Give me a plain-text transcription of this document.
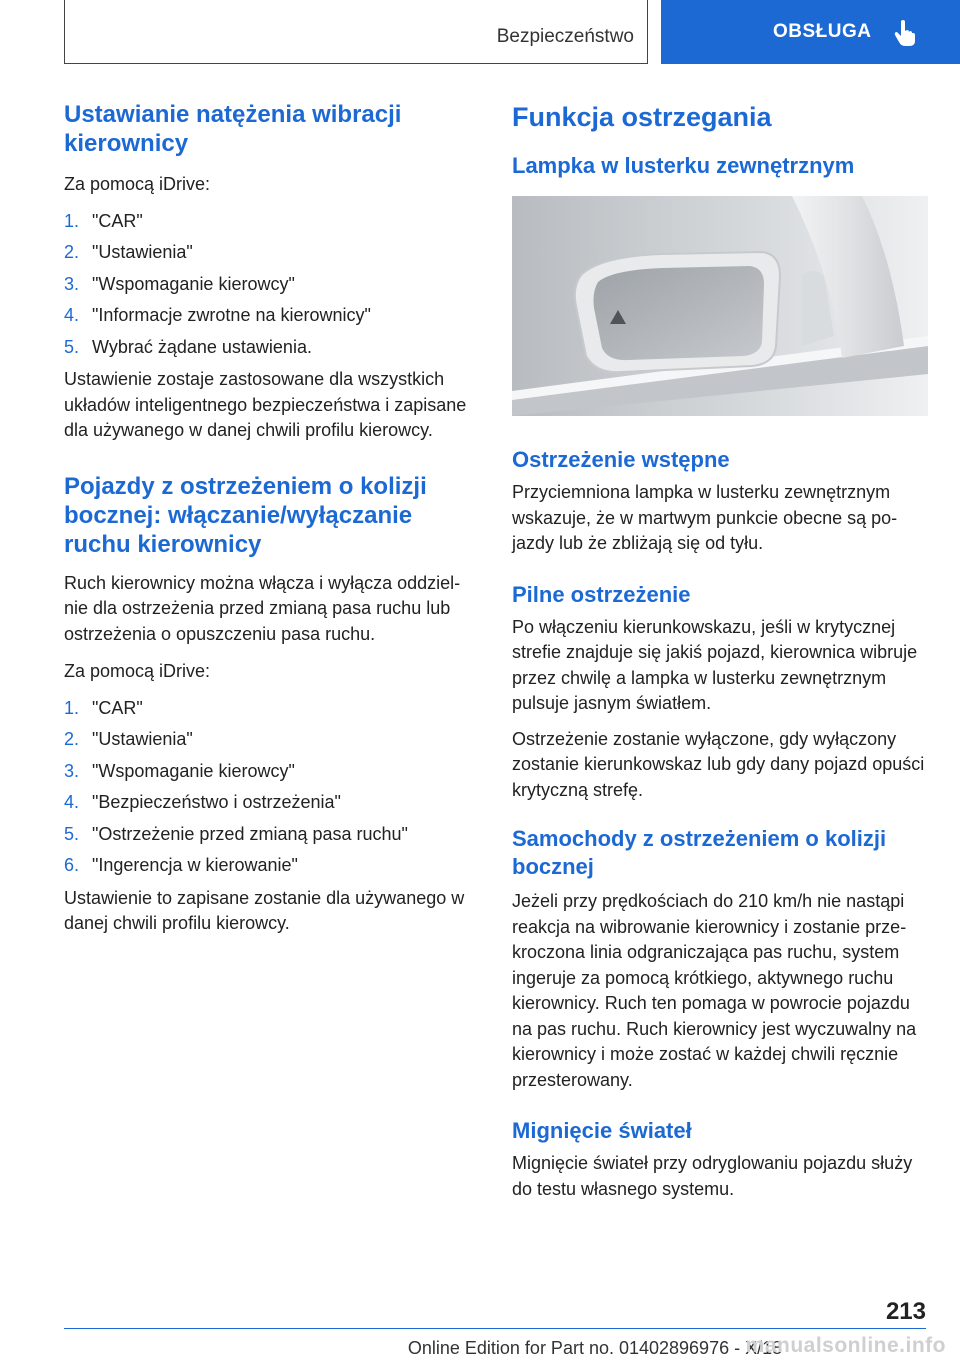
Bezpieczeństwo	OBSŁUGA
Ustawianie natężenia wibracji kierownicy

Za pomocą iDrive:

1. "CAR"
2. "Ustawienia"
3. "Wspomaganie kierowcy"
4. "Informacje zwrotne na kierownicy"
5. Wybrać żądane ustawienia.

Ustawienie zostaje zastosowane dla wszystkich układów inteligentnego bezpieczeństwa i zapisane dla używanego w danej chwili profilu kierowcy.

Pojazdy z ostrzeżeniem o kolizji bocznej: włączanie/wyłączanie ruchu kierownicy

Ruch kierownicy można włącza i wyłącza oddzielnie dla ostrzeżenia przed zmianą pasa ruchu lub ostrzeżenia o opuszczeniu pasa ruchu.

Za pomocą iDrive:

1. "CAR"
2. "Ustawienia"
3. "Wspomaganie kierowcy"
4. "Bezpieczeństwo i ostrzeżenia"
5. "Ostrzeżenie przed zmianą pasa ruchu"
6. "Ingerencja w kierowanie"

Ustawienie to zapisane zostanie dla używanego w danej chwili profilu kierowcy.

Funkcja ostrzegania
Lampka w lusterku zewnętrznym
Ostrzeżenie wstępne

Przyciemniona lampka w lusterku zewnętrznym wskazuje, że w martwym punkcie obecne są pojazdy lub że zbliżają się od tyłu.

Pilne ostrzeżenie

Po włączeniu kierunkowskazu, jeśli w krytycznej strefie znajduje się jakiś pojazd, kierownica wibruje przez chwilę a lampka w lusterku zewnętrznym pulsuje jasnym światłem.

Ostrzeżenie zostanie wyłączone, gdy wyłączony zostanie kierunkowskaz lub gdy dany pojazd opuści krytyczną strefę.

Samochody z ostrzeżeniem o kolizji bocznej

Jeżeli przy prędkościach do 210 km/h nie nastąpi reakcja na wibrowanie kierownicy i zostanie przekroczona linia odgraniczająca pas ruchu, system ingeruje za pomocą krótkiego, aktywnego ruchu kierownicy. Ruch ten pomaga w powrocie pojazdu na pas ruchu. Ruch kierownicy jest wyczuwalny na kierownicy i może zostać w każdej chwili ręcznie przesterowany.

Mignięcie świateł

Mignięcie świateł przy odryglowaniu pojazdu służy do testu własnego systemu.

213
Online Edition for Part no. 01402896976 - X/18
manualsonline.info
